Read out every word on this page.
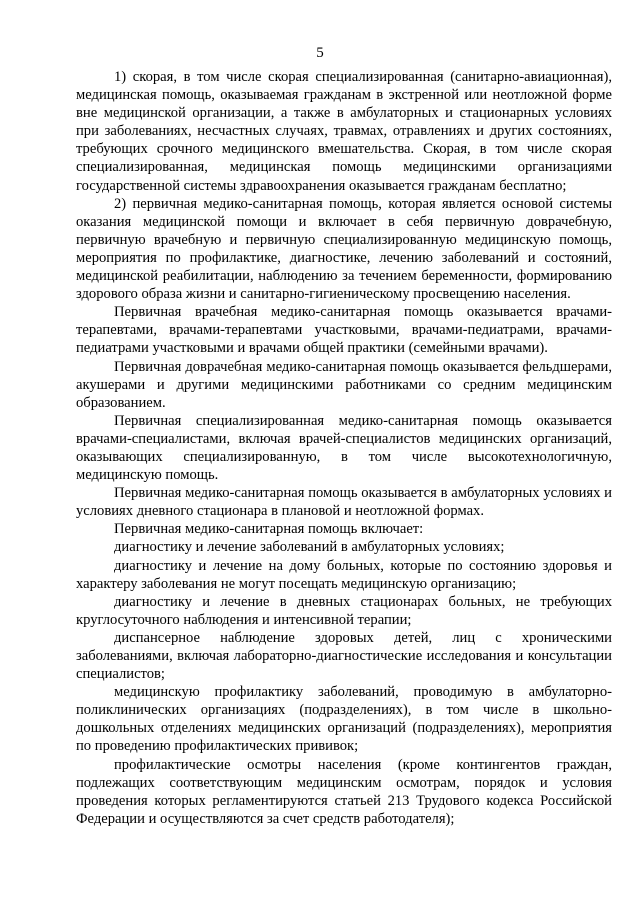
5

1) скорая, в том числе скорая специализированная (санитарно-авиационная), медицинская помощь, оказываемая гражданам в экстренной или неотложной форме вне медицинской организации, а также в амбулаторных и стационарных условиях при заболеваниях, несчастных случаях, травмах, отравлениях и других состояниях, требующих срочного медицинского вмешательства. Скорая, в том числе скорая специализированная, медицинская помощь медицинскими организациями государственной системы здравоохранения оказывается гражданам бесплатно;

2) первичная медико-санитарная помощь, которая является основой системы оказания медицинской помощи и включает в себя первичную доврачебную, первичную врачебную и первичную специализированную медицинскую помощь, мероприятия по профилактике, диагностике, лечению заболеваний и состояний, медицинской реабилитации, наблюдению за течением беременности, формированию здорового образа жизни и санитарно-гигиеническому просвещению населения.

Первичная врачебная медико-санитарная помощь оказывается врачами-терапевтами, врачами-терапевтами участковыми, врачами-педиатрами, врачами-педиатрами участковыми и врачами общей практики (семейными врачами).

Первичная доврачебная медико-санитарная помощь оказывается фельдшерами, акушерами и другими медицинскими работниками со средним медицинским образованием.

Первичная специализированная медико-санитарная помощь оказывается врачами-специалистами, включая врачей-специалистов медицинских организаций, оказывающих специализированную, в том числе высокотехнологичную, медицинскую помощь.

Первичная медико-санитарная помощь оказывается в амбулаторных условиях и условиях дневного стационара в плановой и неотложной формах.

Первичная медико-санитарная помощь включает:

диагностику и лечение заболеваний в амбулаторных условиях;

диагностику и лечение на дому больных, которые по состоянию здоровья и характеру заболевания не могут посещать медицинскую организацию;

диагностику и лечение в дневных стационарах больных, не требующих круглосуточного наблюдения и интенсивной терапии;

диспансерное наблюдение здоровых детей, лиц с хроническими заболеваниями, включая лабораторно-диагностические исследования и консультации специалистов;

медицинскую профилактику заболеваний, проводимую в амбулаторно-поликлинических организациях (подразделениях), в том числе в школьно-дошкольных отделениях медицинских организаций (подразделениях), мероприятия по проведению профилактических прививок;

профилактические осмотры населения (кроме контингентов граждан, подлежащих соответствующим медицинским осмотрам, порядок и условия проведения которых регламентируются статьей 213 Трудового кодекса Российской Федерации и осуществляются за счет средств работодателя);
